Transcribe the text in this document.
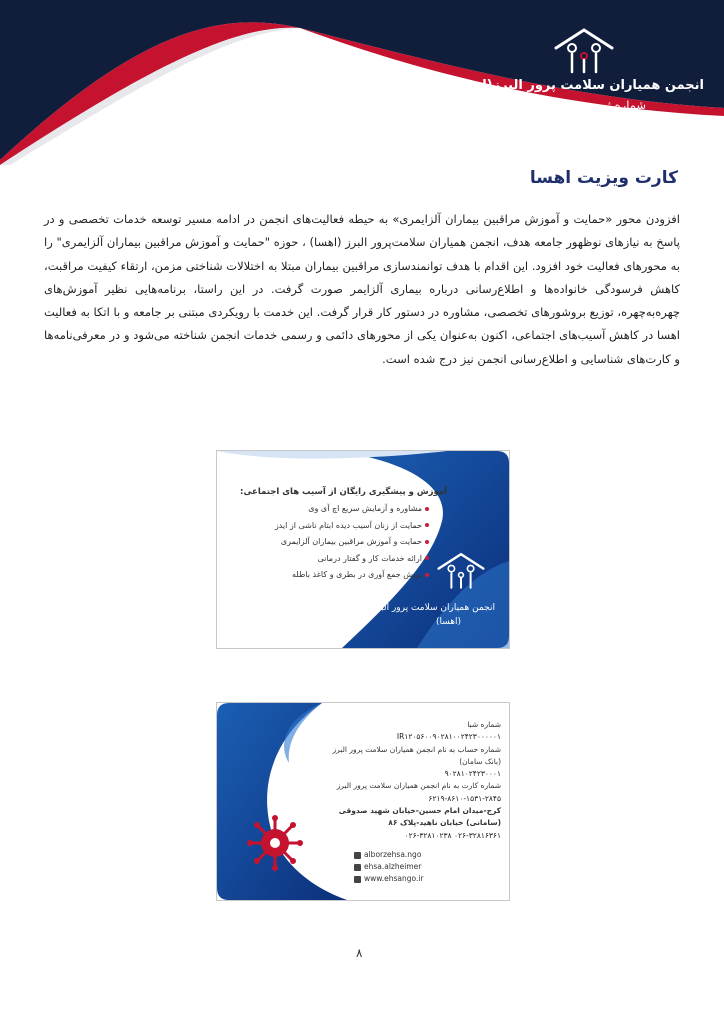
انجمن همیاران سلامت پرور البرز(اهسا)
شماره ثبت : ۲۴۲۳
کارت ویزیت اهسا

افزودن محور «حمایت و آموزش مراقبین بیماران آلزایمری» به حیطه فعالیت‌های انجمن در ادامه مسیر توسعه خدمات تخصصی و در پاسخ به نیازهای نوظهور جامعه هدف، انجمن همیاران سلامت‌پرور البرز (اهسا) ، حوزه "حمایت و آموزش مراقبین بیماران آلزایمری" را به محورهای فعالیت خود افزود. این اقدام با هدف توانمندسازی مراقبین بیماران مبتلا به اختلالات شناختی مزمن، ارتقاء کیفیت مراقبت، کاهش فرسودگی خانواده‌ها و اطلاع‌رسانی درباره بیماری آلزایمر صورت گرفت. در این راستا، برنامه‌هایی نظیر آموزش‌های چهره‌به‌چهره، توزیع بروشورهای تخصصی، مشاوره در دستور کار قرار گرفت. این خدمت با رویکردی مبتنی بر جامعه و با اتکا به فعالیت اهسا در کاهش آسیب‌های اجتماعی، اکنون به‌عنوان یکی از محورهای دائمی و رسمی خدمات انجمن شناخته می‌شود و در معرفی‌نامه‌ها و کارت‌های شناسایی و اطلاع‌رسانی انجمن نیز درج شده است.

آموزش و پیشگیری رایگان از آسیب های اجتماعی:
مشاوره و آزمایش سریع اچ آی وی
حمایت از زنان آسیب دیده ابتام ناشی از ایدز
حمایت و آموزش مراقبین بیماران آلزایمری
ارائه خدمات کار و گفتار درمانی
پویش جمع آوری در بطری و کاغذ باطله
انجمن همیاران سلامت پرور البرز
(اهسا)
شماره شبا
IR۱۲۰۵۶۰۰۹۰۲۸۱۰۰۲۴۲۳۰۰۰۰۰۱
شماره حساب به نام انجمن همیاران سلامت پرور البرز
(بانک سامان)
۹۰۲۸۱۰۲۴۲۳۰۰۰۱
شماره کارت به نام انجمن همیاران سلامت پرور البرز
۶۲۱۹-۸۶۱۰-۱۵۳۱-۲۸۴۵
کرج-میدان امام حسین-خیابان شهید صدوقی
(سامانی) خیابان ناهید-پلاک ۸۶
۰۲۶-۳۲۸۱۶۳۶۱ ۰۲۶-۳۲۸۱۰۲۳۸
alborzehsa.ngo
ehsa.alzheimer
www.ehsango.ir
۸
